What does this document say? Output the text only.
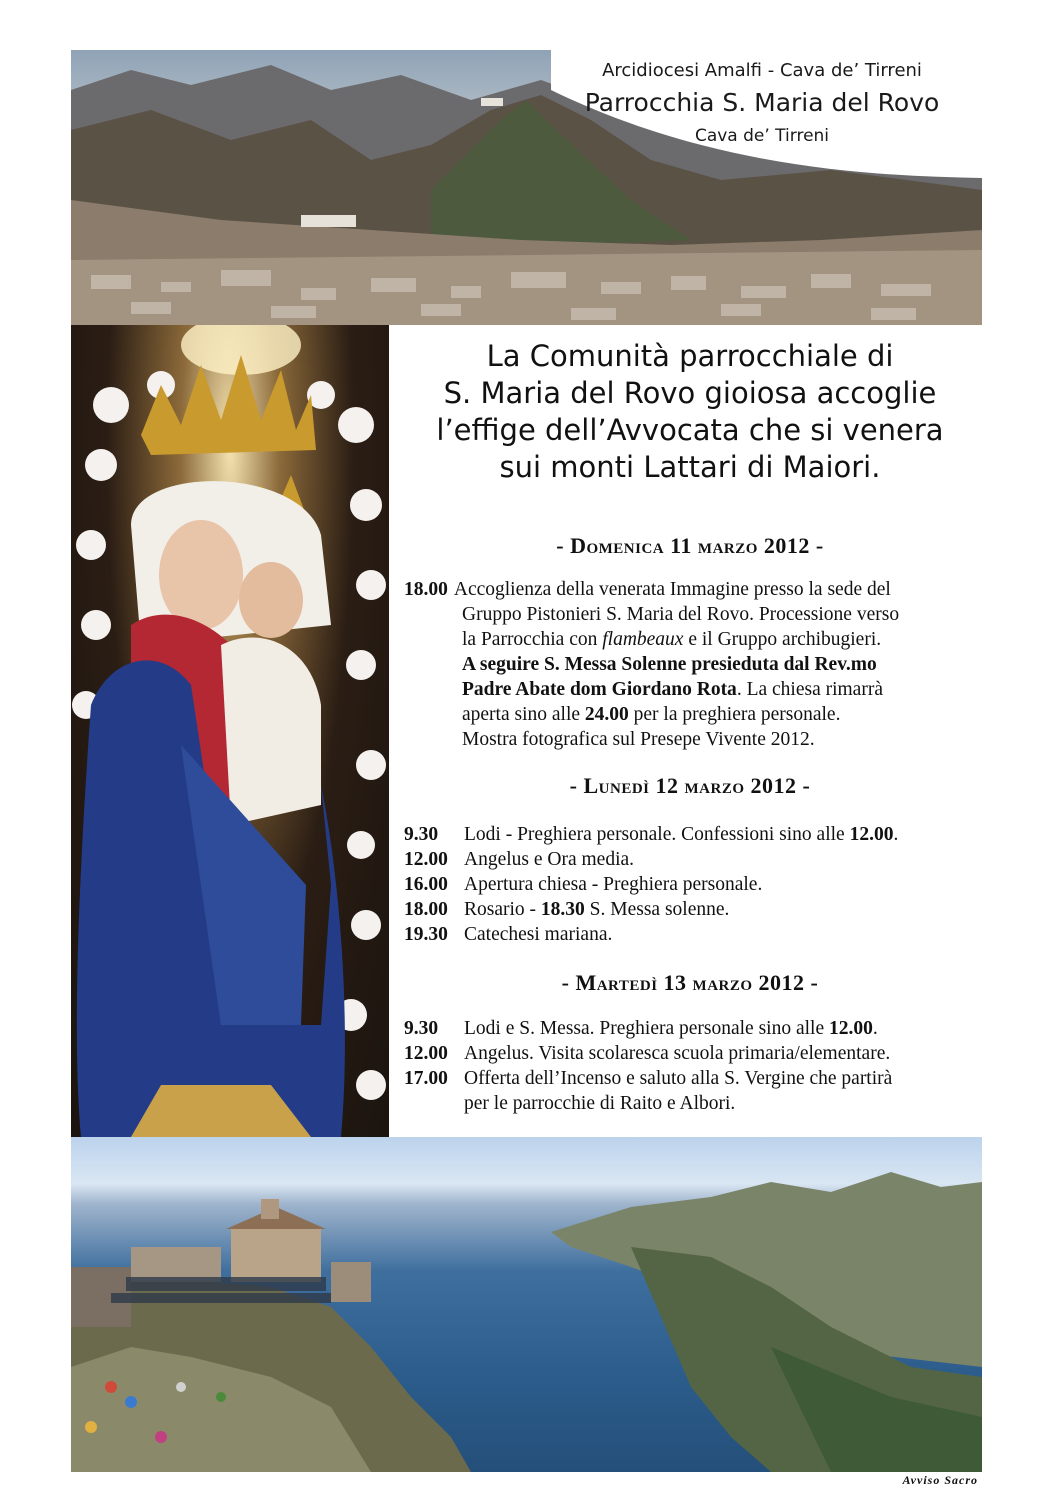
Arcidiocesi Amalfi - Cava de’ Tirreni
Parrocchia S. Maria del Rovo
Cava de’ Tirreni
La Comunità parrocchiale di
S. Maria del Rovo gioiosa accoglie
l’effige dell’Avvocata che si venera
sui monti Lattari di Maiori.
- Domenica 11 marzo 2012 -
18.00 Accoglienza della venerata Immagine presso la sede del
Gruppo Pistonieri S. Maria del Rovo. Processione verso
la Parrocchia con flambeaux e il Gruppo archibugieri.
A seguire S. Messa Solenne presieduta dal Rev.mo
Padre Abate dom Giordano Rota. La chiesa rimarrà
aperta sino alle 24.00 per la preghiera personale.
Mostra fotografica sul Presepe Vivente 2012.
- Lunedì 12 marzo 2012 -
9.30	Lodi - Preghiera personale. Confessioni sino alle 12.00.
12.00 Angelus e Ora media.
16.00 Apertura chiesa - Preghiera personale.
18.00 Rosario - 18.30 S. Messa solenne.
19.30 Catechesi mariana.
- Martedì 13 marzo 2012 -
9.30	Lodi e S. Messa. Preghiera personale sino alle 12.00.
12.00 Angelus. Visita scolaresca scuola primaria/elementare.
17.00 Offerta dell’Incenso e saluto alla S. Vergine che partirà
per le parrocchie di Raito e Albori.
Avviso Sacro
